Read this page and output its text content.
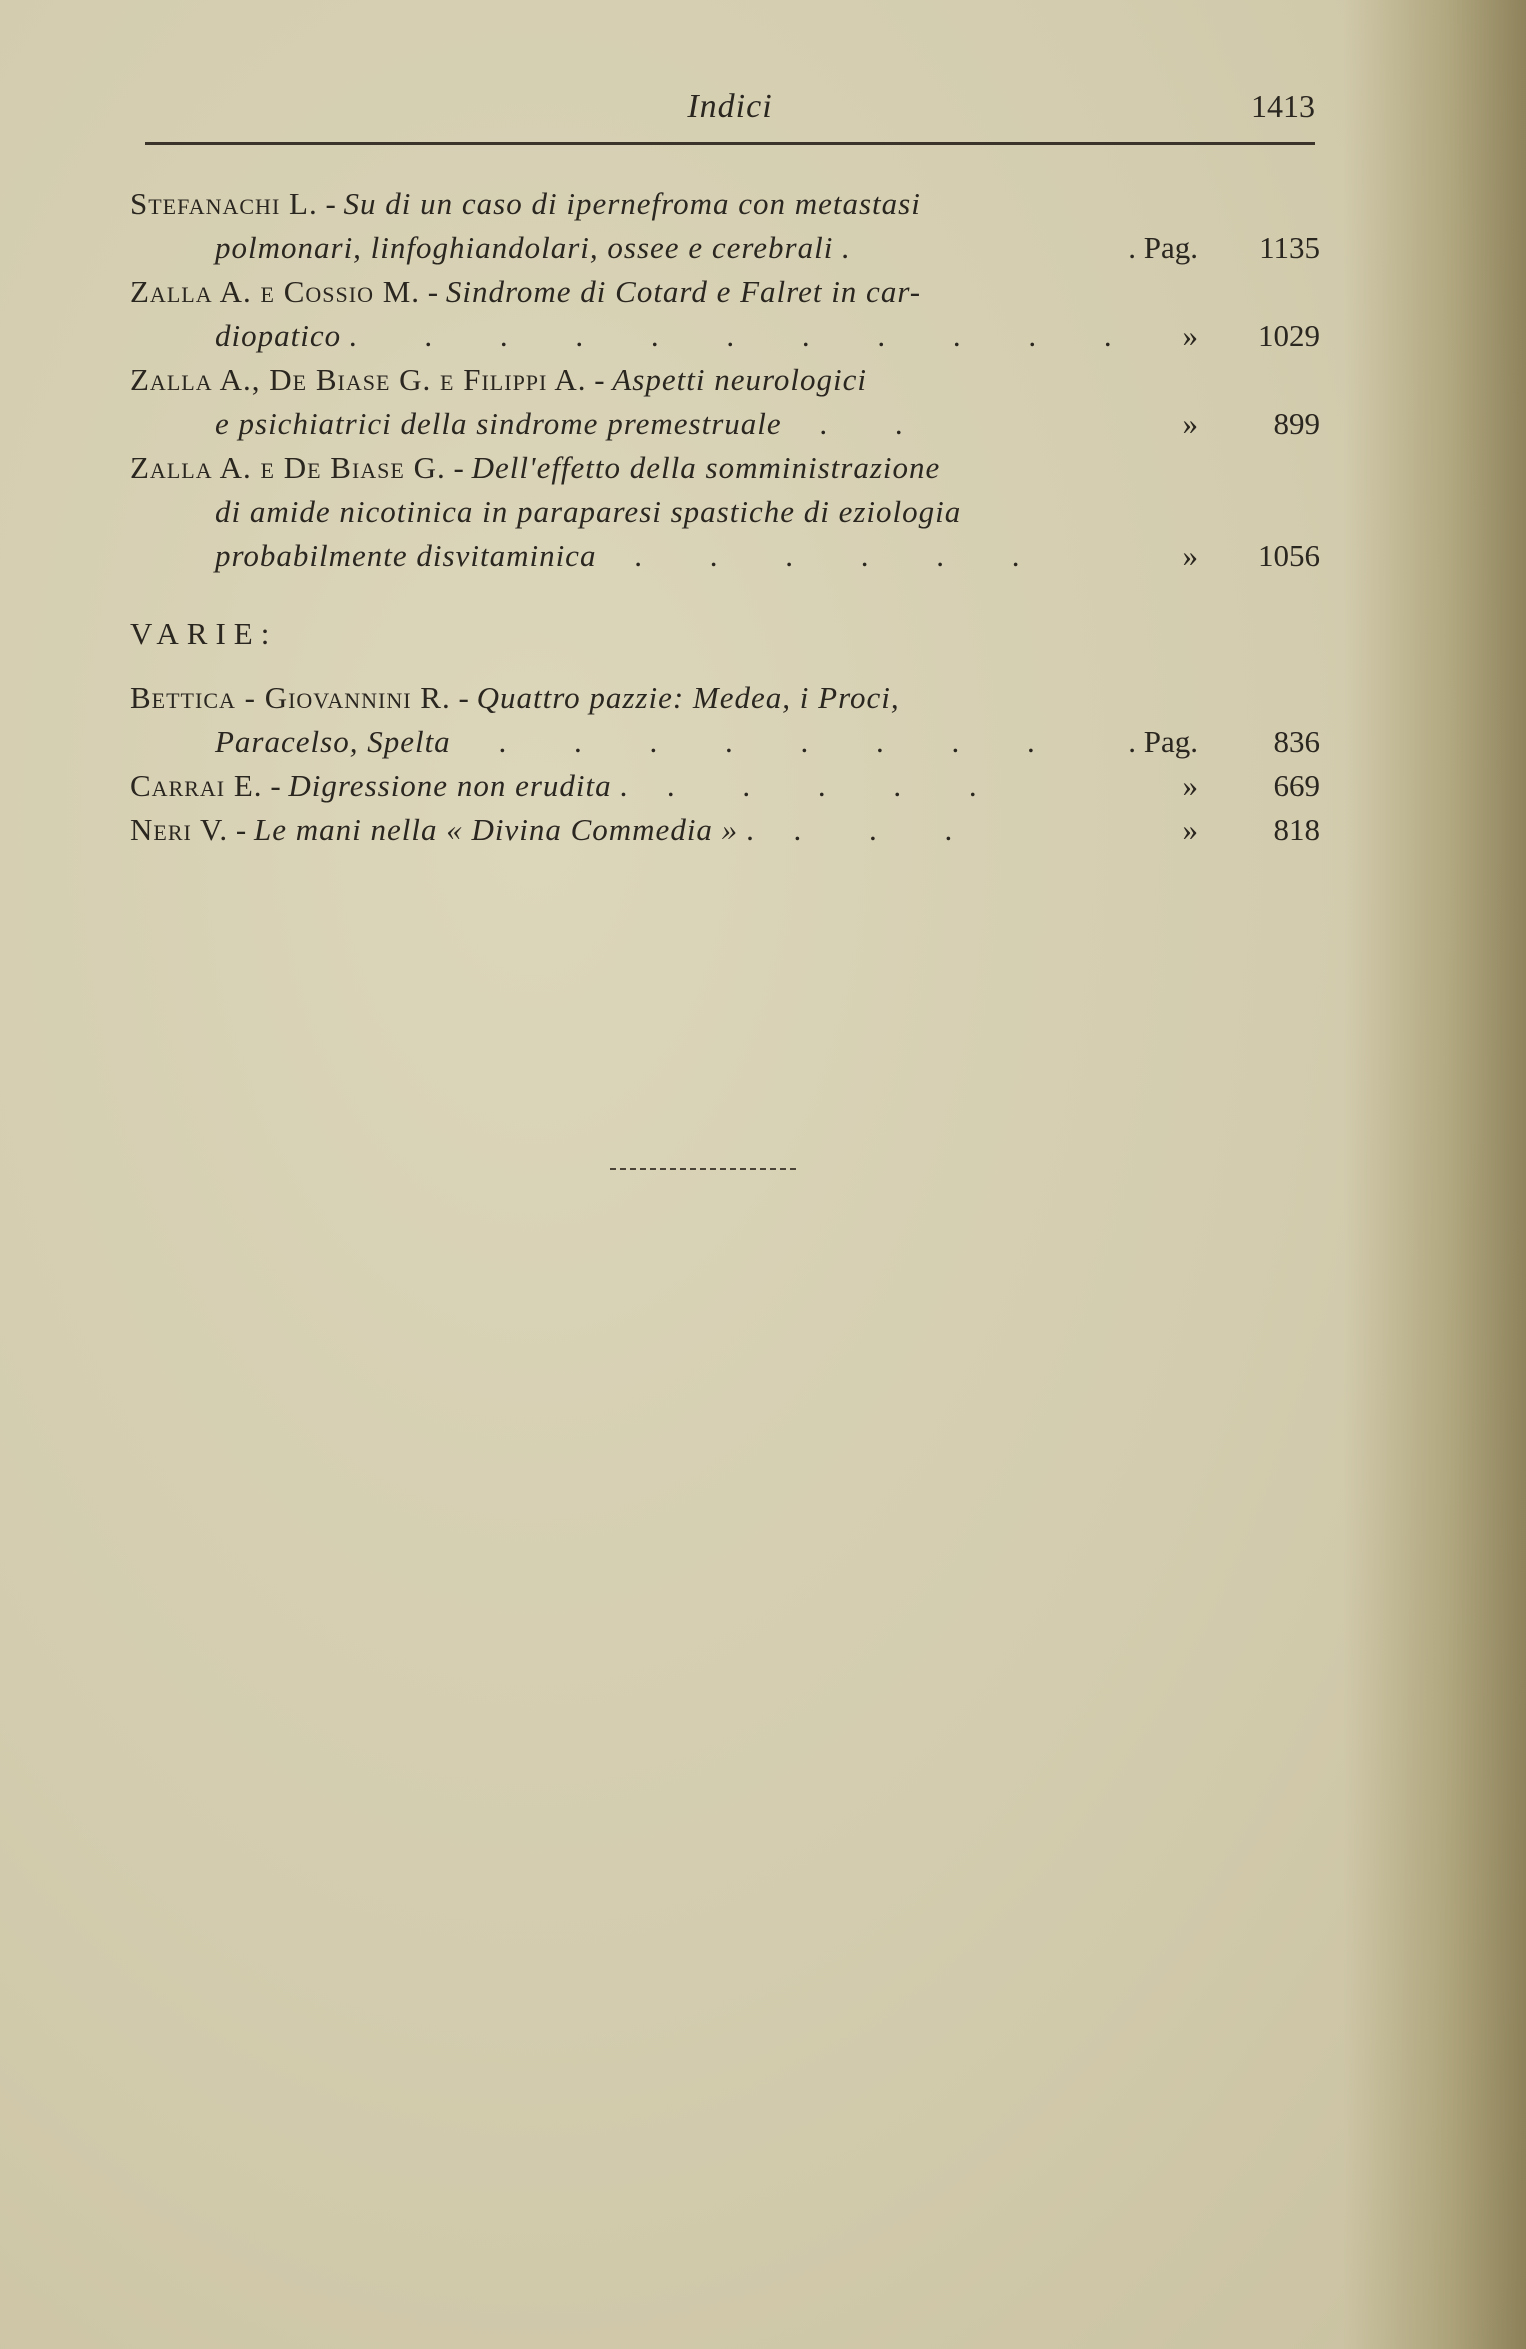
Indici	1413
Stefanachi L. - Su di un caso di ipernefroma con metastasi
polmonari, linfoghiandolari, ossee e cerebrali .	. Pag.	1135
Zalla A. e Cossio M. - Sindrome di Cotard e Falret in car-
diopatico . . . . . . . . . . .	»	1029
Zalla A., De Biase G. e Filippi A. - Aspetti neurologici
e psichiatrici della sindrome premestruale . .	»	899
Zalla A. e De Biase G. - Dell'effetto della somministrazione
di amide nicotinica in paraparesi spastiche di eziologia
probabilmente disvitaminica . . . . . .	»	1056
VARIE:
Bettica - Giovannini R. - Quattro pazzie: Medea, i Proci,
Paracelso, Spelta . . . . . . . . . Pag.	836
Carrai E. - Digressione non erudita . . . . . .	»	669
Neri V. - Le mani nella « Divina Commedia » . . . .	»	818
